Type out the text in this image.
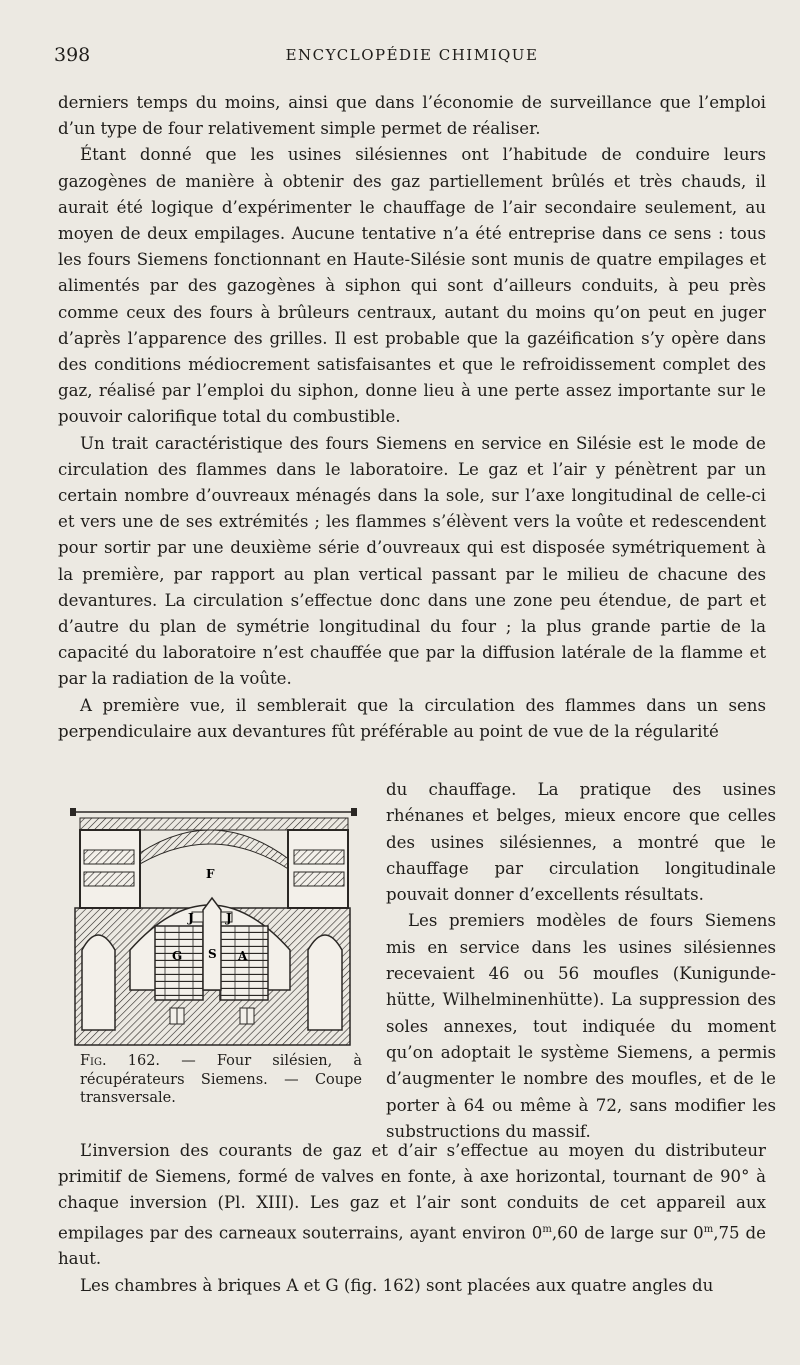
398	ENCYCLOPÉDIE CHIMIQUE

derniers temps du moins, ainsi que dans l’économie de surveillance que l’emploi d’un type de four relativement simple permet de réaliser.

Étant donné que les usines silésiennes ont l’habitude de conduire leurs gazogènes de manière à obtenir des gaz partiellement brûlés et très chauds, il aurait été logique d’expérimenter le chauffage de l’air secondaire seulement, au moyen de deux empilages. Aucune tentative n’a été entreprise dans ce sens : tous les fours Siemens fonctionnant en Haute-Silésie sont munis de quatre empilages et alimentés par des gazogènes à siphon qui sont d’ailleurs conduits, à peu près comme ceux des fours à brûleurs centraux, autant du moins qu’on peut en juger d’après l’apparence des grilles. Il est probable que la gazéification s’y opère dans des conditions médiocrement satisfaisantes et que le refroidissement complet des gaz, réalisé par l’emploi du siphon, donne lieu à une perte assez importante sur le pouvoir calorifique total du combustible.

Un trait caractéristique des fours Siemens en service en Silésie est le mode de circulation des flammes dans le laboratoire. Le gaz et l’air y pénètrent par un certain nombre d’ouvreaux ménagés dans la sole, sur l’axe longitudinal de celle-ci et vers une de ses extrémités ; les flammes s’élèvent vers la voûte et redescendent pour sortir par une deuxième série d’ouvreaux qui est disposée symétriquement à la première, par rapport au plan vertical passant par le milieu de chacune des devantures. La circulation s’effectue donc dans une zone peu étendue, de part et d’autre du plan de symétrie longitudinal du four ; la plus grande partie de la capacité du laboratoire n’est chauffée que par la diffusion latérale de la flamme et par la radiation de la voûte.

A première vue, il semblerait que la circulation des flammes dans un sens perpendiculaire aux devantures fût préférable au point de vue de la régularité

F
J	J
S
G	A
Fig. 162. — Four silésien, à récupérateurs Siemens. — Coupe transversale.

du chauffage. La pratique des usines rhénanes et belges, mieux encore que celles des usines silésiennes, a montré que le chauffage par circulation longitudinale pouvait donner d’excellents résultats.

Les premiers modèles de fours Siemens mis en service dans les usines silésiennes recevaient 46 ou 56 moufles (Kunigundehütte, Wilhelminenhütte). La suppression des soles annexes, tout indiquée du moment qu’on adoptait le système Siemens, a permis d’augmenter le nombre des moufles, et de le porter à 64 ou même à 72, sans modifier les substructions du massif.

L’inversion des courants de gaz et d’air s’effectue au moyen du distributeur primitif de Siemens, formé de valves en fonte, à axe horizontal, tournant de 90° à chaque inversion (Pl. XIII). Les gaz et l’air sont conduits de cet appareil aux empilages par des carneaux souterrains, ayant environ 0$^m$,60 de large sur 0$^m$,75 de haut.

Les chambres à briques A et G (fig. 162) sont placées aux quatre angles du
